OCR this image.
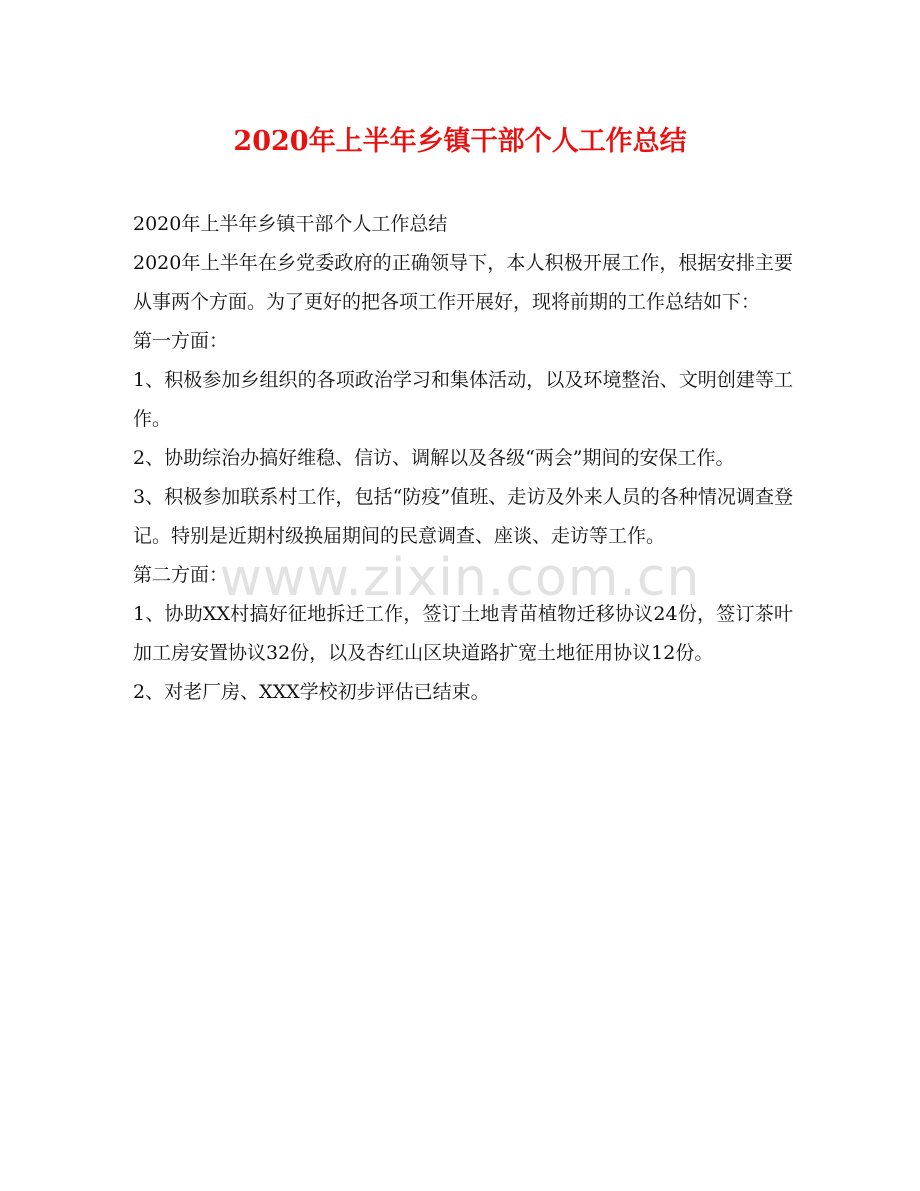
2020年上半年乡镇干部个人工作总结

2020年上半年乡镇干部个人工作总结

2020年上半年在乡党委政府的正确领导下，本人积极开展工作，根据安排主要从事两个方面。为了更好的把各项工作开展好，现将前期的工作总结如下：

第一方面：

1、积极参加乡组织的各项政治学习和集体活动，以及环境整治、文明创建等工作。

2、协助综治办搞好维稳、信访、调解以及各级“两会”期间的安保工作。

3、积极参加联系村工作，包括“防疫”值班、走访及外来人员的各种情况调查登记。特别是近期村级换届期间的民意调查、座谈、走访等工作。

第二方面：

1、协助XX村搞好征地拆迁工作，签订土地青苗植物迁移协议24份，签订茶叶加工房安置协议32份，以及杏红山区块道路扩宽土地征用协议12份。

2、对老厂房、XXX学校初步评估已结束。

www.zixin.com.cn
